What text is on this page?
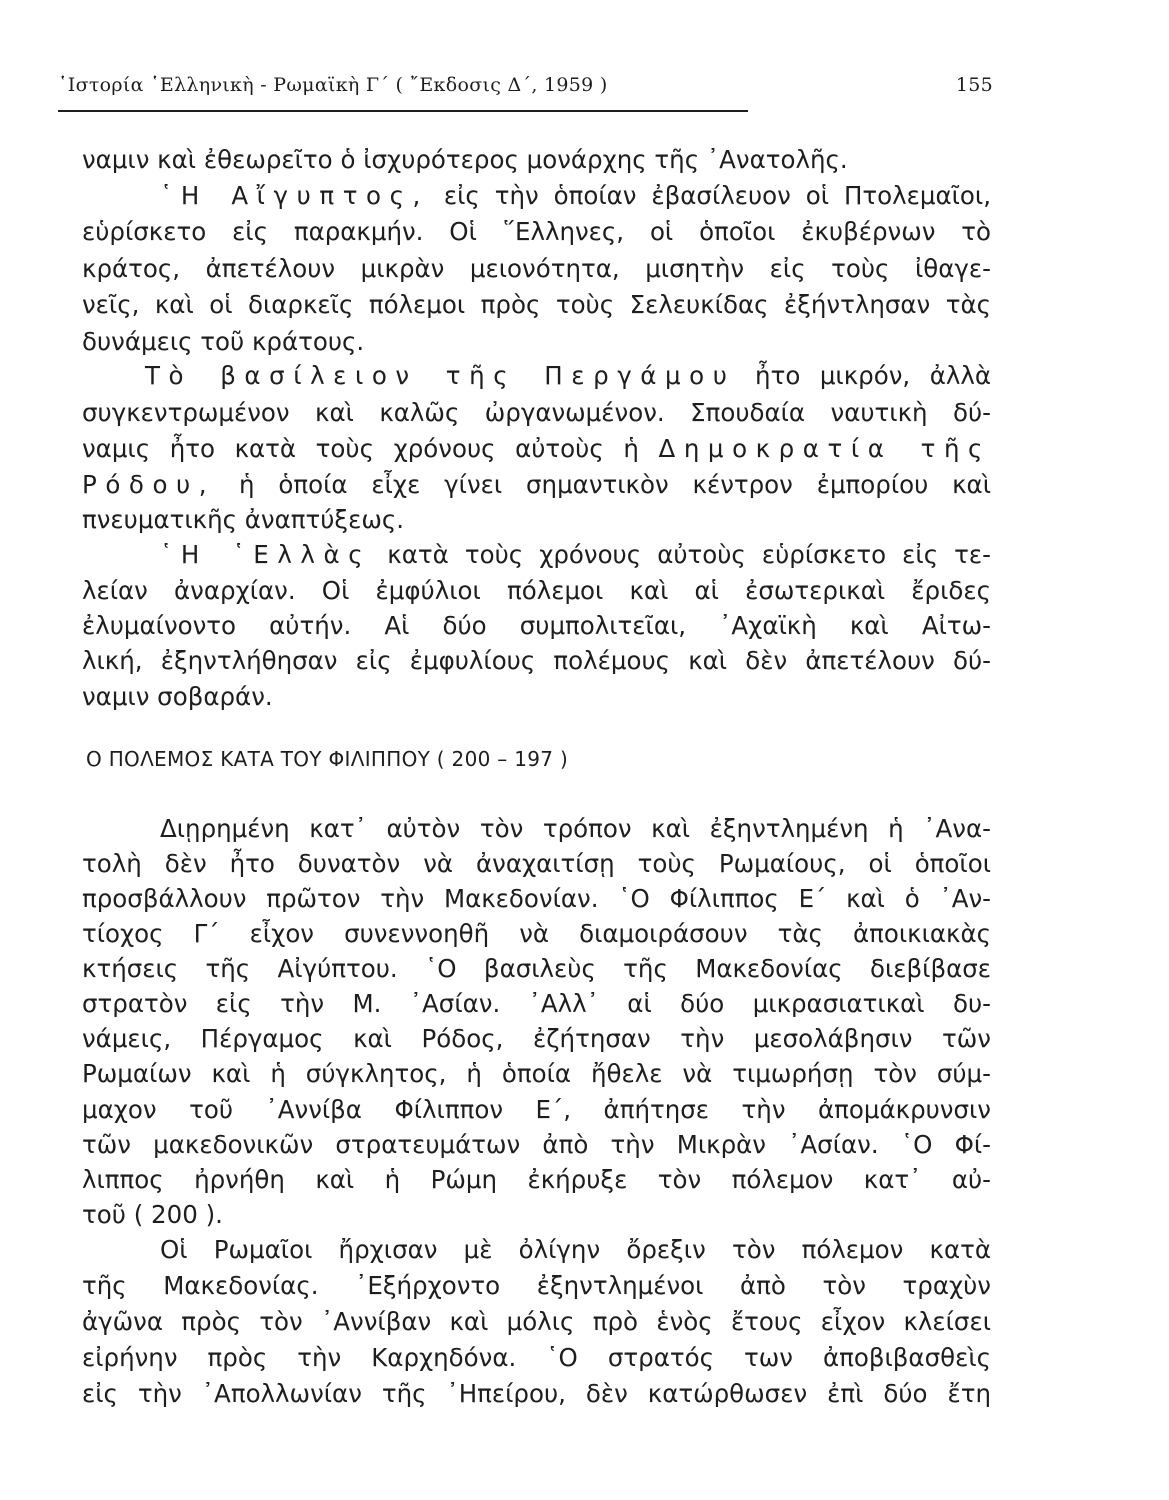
῾Ιστορία ῾Ελληνικὴ - Ρωμαϊκὴ Γ΄ ( ῎Εκδοσις Δ΄, 1959 )	155
ναμιν καὶ ἐθεωρεῖτο ὁ ἰσχυρότερος μονάρχης τῆς ᾿Ανατολῆς.
῾Η Αἴγυπτος, εἰς τὴν ὁποίαν ἐβασίλευον οἱ Πτολεμαῖοι,
εὑρίσκετο εἰς παρακμήν. Οἱ ῞Ελληνες, οἱ ὁποῖοι ἐκυβέρνων τὸ
κράτος, ἀπετέλουν μικρὰν μειονότητα, μισητὴν εἰς τοὺς ἰθαγε-
νεῖς, καὶ οἱ διαρκεῖς πόλεμοι πρὸς τοὺς Σελευκίδας ἐξήντλησαν τὰς
δυνάμεις τοῦ κράτους.
Τὸ βασίλειον τῆς Περγάμου ἦτο μικρόν, ἀλλὰ
συγκεντρωμένον καὶ καλῶς ὠργανωμένον. Σπουδαία ναυτικὴ δύ-
ναμις ἦτο κατὰ τοὺς χρόνους αὐτοὺς ἡ Δημοκρατία τῆς
Ρόδου, ἡ ὁποία εἶχε γίνει σημαντικὸν κέντρον ἐμπορίου καὶ
πνευματικῆς ἀναπτύξεως.
῾Η ῾Ελλὰς κατὰ τοὺς χρόνους αὐτοὺς εὑρίσκετο εἰς τε-
λείαν ἀναρχίαν. Οἱ ἐμφύλιοι πόλεμοι καὶ αἱ ἐσωτερικαὶ ἔριδες
ἐλυμαίνοντο αὐτήν. Αἱ δύο συμπολιτεῖαι, ᾿Αχαϊκὴ καὶ Αἰτω-
λική, ἐξηντλήθησαν εἰς ἐμφυλίους πολέμους καὶ δὲν ἀπετέλουν δύ-
ναμιν σοβαράν.
Ο ΠΟΛΕΜΟΣ ΚΑΤΑ ΤΟΥ ΦΙΛΙΠΠΟΥ ( 200 – 197 )
Διῃρημένη κατ᾿ αὐτὸν τὸν τρόπον καὶ ἐξηντλημένη ἡ ᾿Ανα-
τολὴ δὲν ἦτο δυνατὸν νὰ ἀναχαιτίσῃ τοὺς Ρωμαίους, οἱ ὁποῖοι
προσβάλλουν πρῶτον τὴν Μακεδονίαν. ῾Ο Φίλιππος Ε΄ καὶ ὁ ᾿Αν-
τίοχος Γ΄ εἶχον συνεννοηθῆ νὰ διαμοιράσουν τὰς ἀποικιακὰς
κτήσεις τῆς Αἰγύπτου. ῾Ο βασιλεὺς τῆς Μακεδονίας διεβίβασε
στρατὸν εἰς τὴν Μ. ᾿Ασίαν. ᾿Αλλ᾿ αἱ δύο μικρασιατικαὶ δυ-
νάμεις, Πέργαμος καὶ Ρόδος, ἐζήτησαν τὴν μεσολάβησιν τῶν
Ρωμαίων καὶ ἡ σύγκλητος, ἡ ὁποία ἤθελε νὰ τιμωρήσῃ τὸν σύμ-
μαχον τοῦ ᾿Αννίβα Φίλιππον Ε΄, ἀπήτησε τὴν ἀπομάκρυνσιν
τῶν μακεδονικῶν στρατευμάτων ἀπὸ τὴν Μικρὰν ᾿Ασίαν. ῾Ο Φί-
λιππος ἠρνήθη καὶ ἡ Ρώμη ἐκήρυξε τὸν πόλεμον κατ᾿ αὐ-
τοῦ ( 200 ).
Οἱ Ρωμαῖοι ἤρχισαν μὲ ὀλίγην ὄρεξιν τὸν πόλεμον κατὰ
τῆς Μακεδονίας. ᾿Εξήρχοντο ἐξηντλημένοι ἀπὸ τὸν τραχὺν
ἀγῶνα πρὸς τὸν ᾿Αννίβαν καὶ μόλις πρὸ ἑνὸς ἔτους εἶχον κλείσει
εἰρήνην πρὸς τὴν Καρχηδόνα. ῾Ο στρατός των ἀποβιβασθεὶς
εἰς τὴν ᾿Απολλωνίαν τῆς ᾿Ηπείρου, δὲν κατώρθωσεν ἐπὶ δύο ἔτη
